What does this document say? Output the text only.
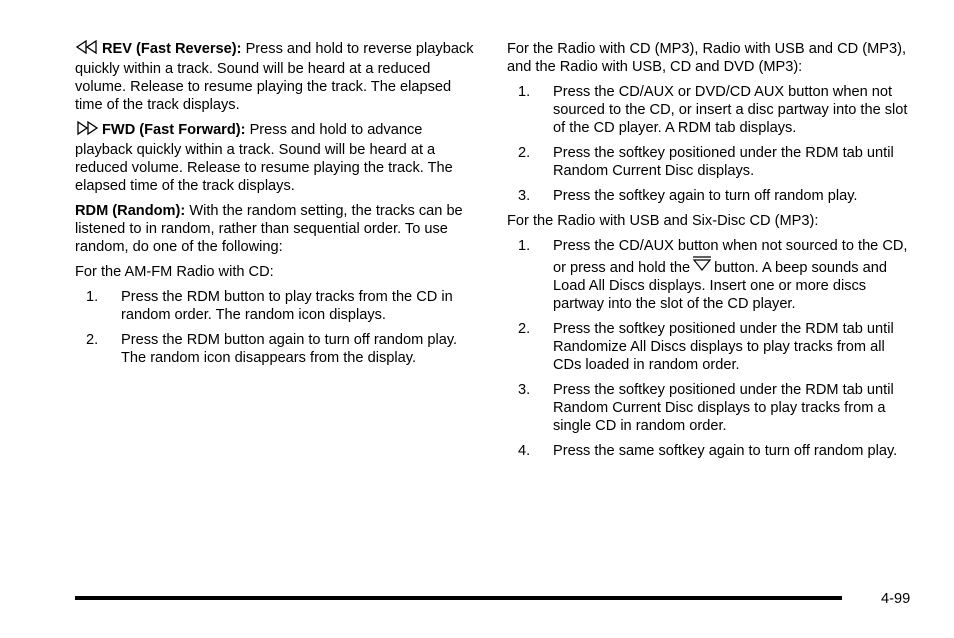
REV (Fast Reverse): Press and hold to reverse playback quickly within a track. Sound will be heard at a reduced volume. Release to resume playing the track. The elapsed time of the track displays.

FWD (Fast Forward): Press and hold to advance playback quickly within a track. Sound will be heard at a reduced volume. Release to resume playing the track. The elapsed time of the track displays.

RDM (Random): With the random setting, the tracks can be listened to in random, rather than sequential order. To use random, do one of the following:

For the AM-FM Radio with CD:

1. Press the RDM button to play tracks from the CD in random order. The random icon displays.
2. Press the RDM button again to turn off random play. The random icon disappears from the display.

For the Radio with CD (MP3), Radio with USB and CD (MP3), and the Radio with USB, CD and DVD (MP3):

1. Press the CD/AUX or DVD/CD AUX button when not sourced to the CD, or insert a disc partway into the slot of the CD player. A RDM tab displays.
2. Press the softkey positioned under the RDM tab until Random Current Disc displays.
3. Press the softkey again to turn off random play.

For the Radio with USB and Six-Disc CD (MP3):

1. Press the CD/AUX button when not sourced to the CD, or press and hold the button. A beep sounds and Load All Discs displays. Insert one or more discs partway into the slot of the CD player.
2. Press the softkey positioned under the RDM tab until Randomize All Discs displays to play tracks from all CDs loaded in random order.
3. Press the softkey positioned under the RDM tab until Random Current Disc displays to play tracks from a single CD in random order.
4. Press the same softkey again to turn off random play.
4-99
